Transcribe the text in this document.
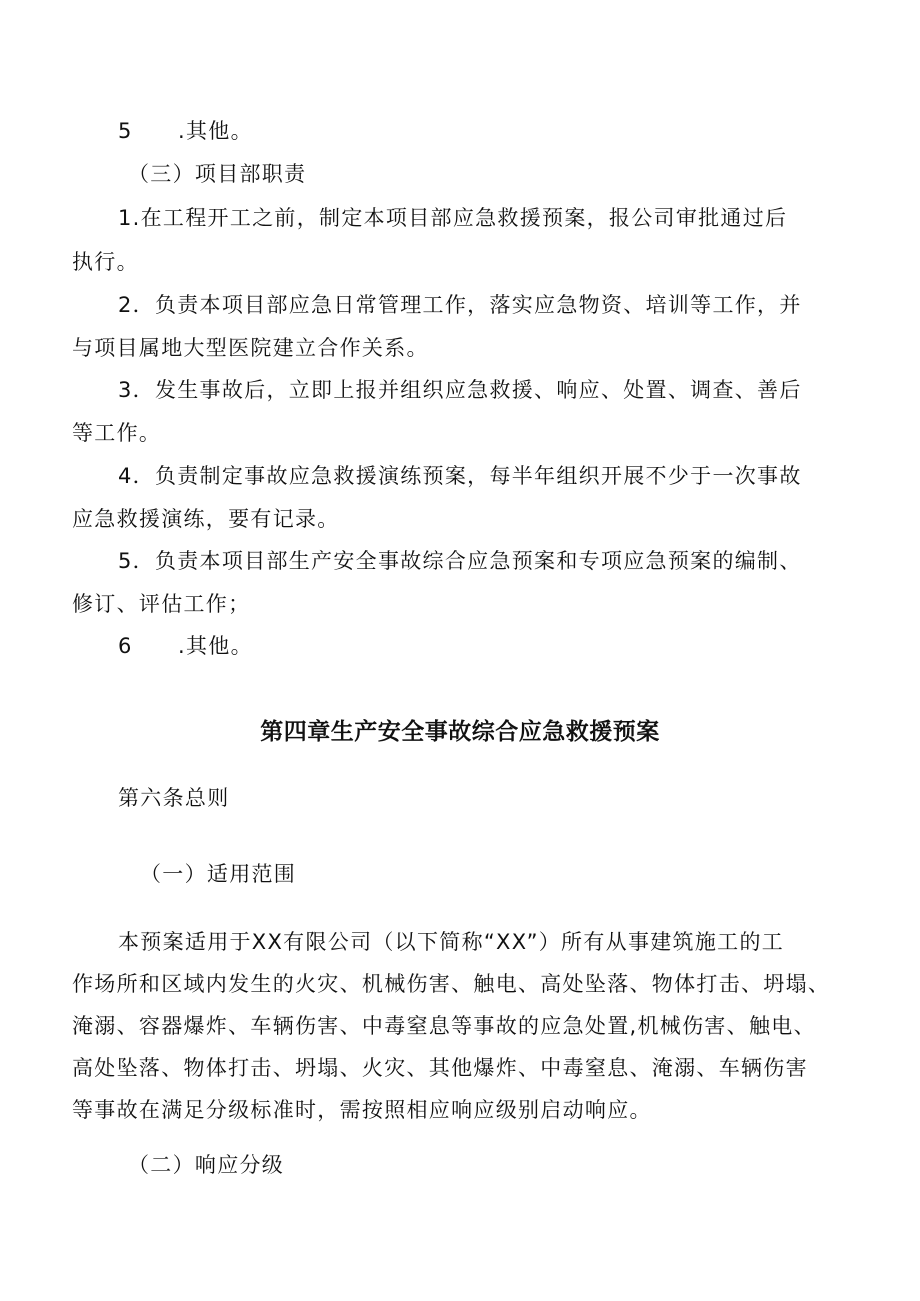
5 .其他。

（三）项目部职责

1.在工程开工之前，制定本项目部应急救援预案，报公司审批通过后

执行。

2．负责本项目部应急日常管理工作，落实应急物资、培训等工作，并

与项目属地大型医院建立合作关系。

3．发生事故后，立即上报并组织应急救援、响应、处置、调查、善后

等工作。

4．负责制定事故应急救援演练预案，每半年组织开展不少于一次事故

应急救援演练，要有记录。

5．负责本项目部生产安全事故综合应急预案和专项应急预案的编制、

修订、评估工作；

6 .其他。

第四章生产安全事故综合应急救援预案

第六条总则

（一）适用范围

本预案适用于XX有限公司（以下简称“XX”）所有从事建筑施工的工

作场所和区域内发生的火灾、机械伤害、触电、高处坠落、物体打击、坍塌、

淹溺、容器爆炸、车辆伤害、中毒窒息等事故的应急处置,机械伤害、触电、

高处坠落、物体打击、坍塌、火灾、其他爆炸、中毒窒息、淹溺、车辆伤害

等事故在满足分级标准时，需按照相应响应级别启动响应。

（二）响应分级
